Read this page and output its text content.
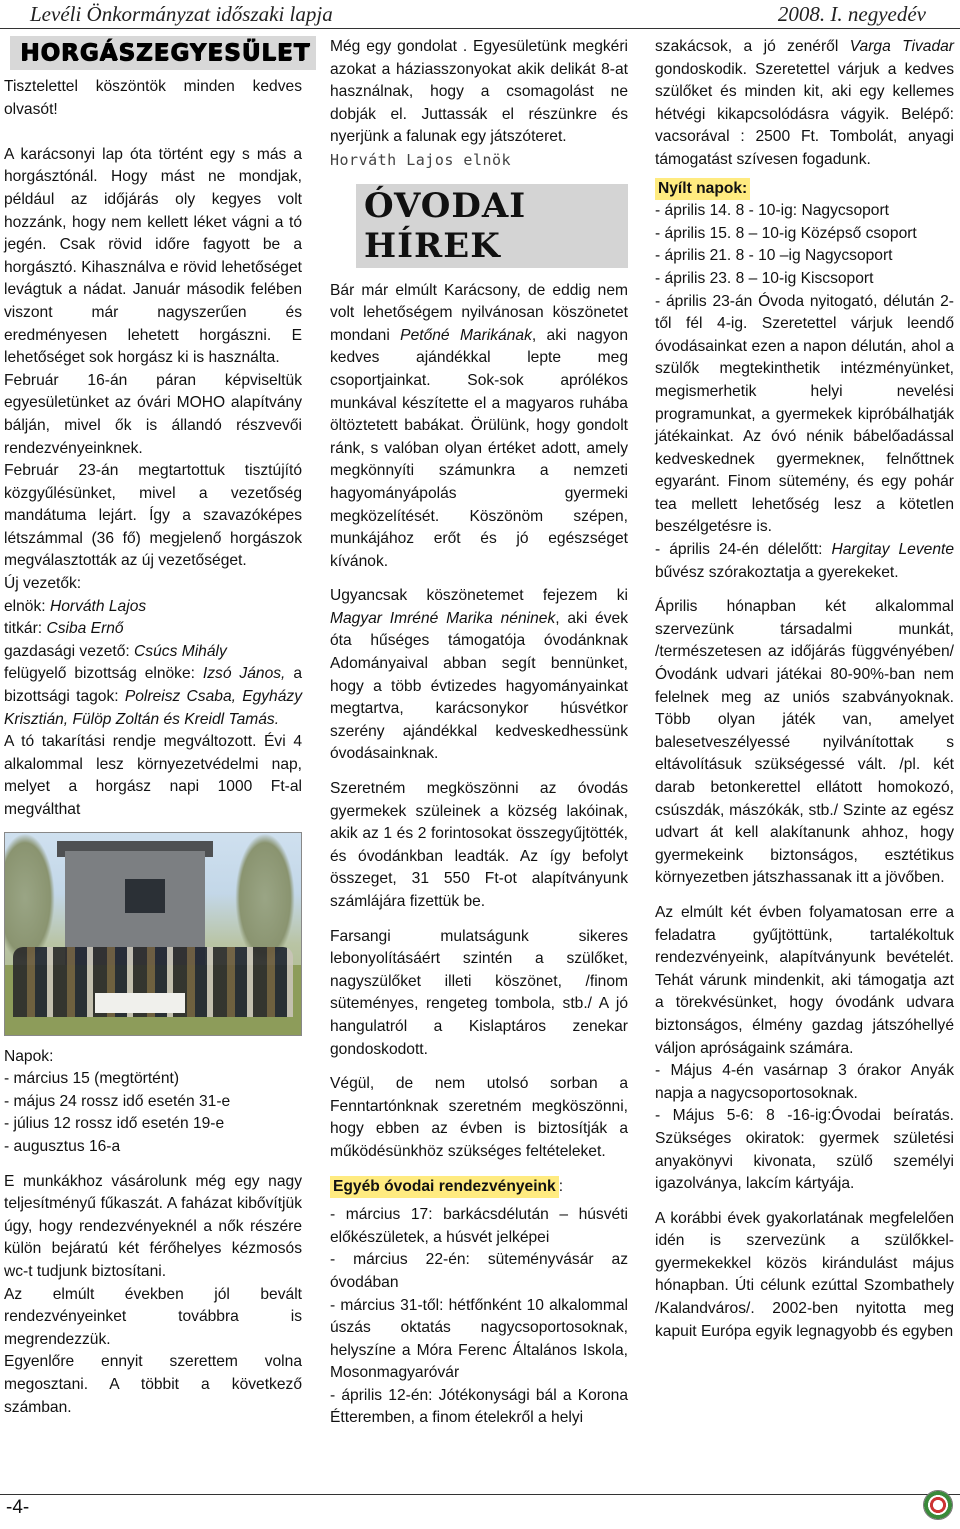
Levéli Önkormányzat időszaki lapja	2008. I. negyedév
HORGÁSZEGYESÜLET

Tisztelettel köszöntök minden kedves olvasót!

A karácsonyi lap óta történt egy s más a horgásztónál. Hogy mást ne mondjak, például az időjárás oly kegyes volt hozzánk, hogy nem kellett léket vágni a tó jegén. Csak rövid időre fagyott be a horgásztó. Kihasználva e rövid lehetőséget levágtuk a nádat. Január második felében viszont már nagyszerűen és eredményesen lehetett horgászni. E lehetőséget sok horgász ki is használta.

Február 16-án páran képviseltük egyesületünket az óvári MOHO alapítvány bálján, mivel ők is állandó részvevői rendezvényeinknek.

Február 23-án megtartottuk tisztújító közgyűlésünket, mivel a vezetőség mandátuma lejárt. Így a szavazóképes létszámmal (36 fő) megjelenő horgászok megválasztották az új vezetőséget.

Új vezetők:

elnök: Horváth Lajos

titkár: Csiba Ernő

gazdasági vezető: Csúcs Mihály

felügyelő bizottság elnöke: Izsó János, a bizottsági tagok: Polreisz Csaba, Egyházy Krisztián, Fülöp Zoltán és Kreidl Tamás.

A tó takarítási rendje megváltozott. Évi 4 alkalommal lesz környezetvédelmi nap, melyet a horgász napi 1000 Ft-al megválthat

Napok:

- március 15 (megtörtént)

- május 24 rossz idő esetén 31-e

- július 12 rossz idő esetén 19-e

- augusztus 16-a

E munkákhoz vásárolunk még egy nagy teljesítményű fűkaszát. A faházat kibővítjük úgy, hogy rendezvényeknél a nők részére külön bejáratú két férőhelyes kézmosós wc-t tudjunk biztosítani.

Az elmúlt években jól bevált rendezvényeinket továbbra is megrendezzük.

Egyenlőre ennyit szerettem volna megosztani. A többit a következő számban.

Még egy gondolat . Egyesületünk megkéri azokat a háziasszonyokat akik delikát 8-at használnak, hogy a csomagolást ne dobják el. Juttassák el részünkre és nyerjünk a falunak egy játszóteret.

Horváth Lajos elnök

ÓVODAI HÍREK

Bár már elmúlt Karácsony, de eddig nem volt lehetőségem nyilvánosan köszönetet mondani Petőné Marikának, aki nagyon kedves ajándékkal lepte meg csoportjainkat. Sok-sok aprólékos munkával készítette el a magyaros ruhába öltöztetett babákat. Örülünk, hogy gondolt ránk, s valóban olyan értéket adott, amely megkönnyíti számunkra a nemzeti hagyományápolás gyermeki megközelítését. Köszönöm szépen, munkájához erőt és jó egészséget kívánok.

Ugyancsak köszönetemet fejezem ki Magyar Imréné Marika néninek, aki évek óta hűséges támogatója óvodánknak Adományaival abban segít bennünket, hogy a több évtizedes hagyományainkat megtartva, karácsonykor húsvétkor szerény ajándékkal kedveskedhessünk óvodásainknak.

Szeretném megköszönni az óvodás gyermekek szüleinek a község lakóinak, akik az 1 és 2 forintosokat összegyűjtötték, és óvodánkban leadták. Az így befolyt összeget, 31 550 Ft-ot alapítványunk számlájára fizettük be.

Farsangi mulatságunk sikeres lebonyolításáért szintén a szülőket, nagyszülőket illeti köszönet, /finom süteményes, rengeteg tombola, stb./ A jó hangulatról a Kislaptáros zenekar gondoskodott.

Végül, de nem utolsó sorban a Fenntartónknak szeretném megköszönni, hogy ebben az évben is biztosítják a működésünkhöz szükséges feltételeket.

Egyéb óvodai rendezvényeink :

- március 17: barkácsdélután – húsvéti előkészületek, a húsvét jelképei

- március 22-én: süteményvásár az óvodában

- március 31-től: hétfőnként 10 alkalommal úszás oktatás nagycsoportosoknak, helyszíne a Móra Ferenc Általános Iskola, Mosonmagyaróvár

- április 12-én: Jótékonysági bál a Korona Étteremben, a finom ételekről a helyi

szakácsok, a jó zenéről Varga Tivadar gondoskodik. Szeretettel várjuk a kedves szülőket és minden kit, aki egy kellemes hétvégi kikapcsolódásra vágyik. Belépő: vacsorával : 2500 Ft. Tombolát, anyagi támogatást szívesen fogadunk.

Nyílt napok:

- április 14. 8 - 10-ig: Nagycsoport

- április 15. 8 – 10-ig Középső csoport

- április 21. 8 - 10 –ig Nagycsoport

- április 23. 8 – 10-ig Kiscsoport

- április 23-án Óvoda nyitogató, délután 2-től fél 4-ig. Szeretettel várjuk leendő óvodásainkat ezen a napon délután, ahol a szülők megtekinthetik intézményünket, megismerhetik helyi nevelési programunkat, a gyermekek kipróbálhatják játékainkat. Az óvó nénik bábelőadással kedveskednek gyermekneк, felnőttnek egyaránt. Finom sütemény, és egy pohár tea mellett lehetőség lesz a kötetlen beszélgetésre is.

- április 24-én délelőtt: Hargitay Levente bűvész szórakoztatja a gyerekeket.

Április hónapban két alkalommal szervezünk társadalmi munkát, /természetesen az időjárás függvényében/ Óvodánk udvari játékai 80-90%-ban nem felelnek meg az uniós szabványoknak. Több olyan játék van, amelyet balesetveszélyessé nyilvánítottak s eltávolításuk szükségessé vált. /pl. két darab betonkerettel ellátott homokozó, csúszdák, mászókák, stb./ Szinte az egész udvart át kell alakítanunk ahhoz, hogy gyermekeink biztonságos, esztétikus környezetben játszhassanak itt a jövőben.

Az elmúlt két évben folyamatosan erre a feladatra gyűjtöttünk, tartalékoltuk rendezvényeink, alapítványunk bevételét. Tehát várunk mindenkit, aki támogatja azt a törekvésünket, hogy óvodánk udvara biztonságos, élmény gazdag játszóhellyé váljon apróságaink számára.

- Május 4-én vasárnap 3 órakor Anyák napja a nagycsoportosoknak.

- Május 5-6: 8 -16-ig:Óvodai beíratás. Szükséges okiratok: gyermek születési anyakönyvi kivonata, szülő személyi igazolványa, lakcím kártyája.

A korábbi évek gyakorlatának megfelelően idén is szervezünk a szülőkkel-gyermekekkel közös kirándulást május hónapban. Úti célunk ezúttal Szombathely /Kalandváros/. 2002-ben nyitotta meg kapuit Európa egyik legnagyobb és egyben

-4-
